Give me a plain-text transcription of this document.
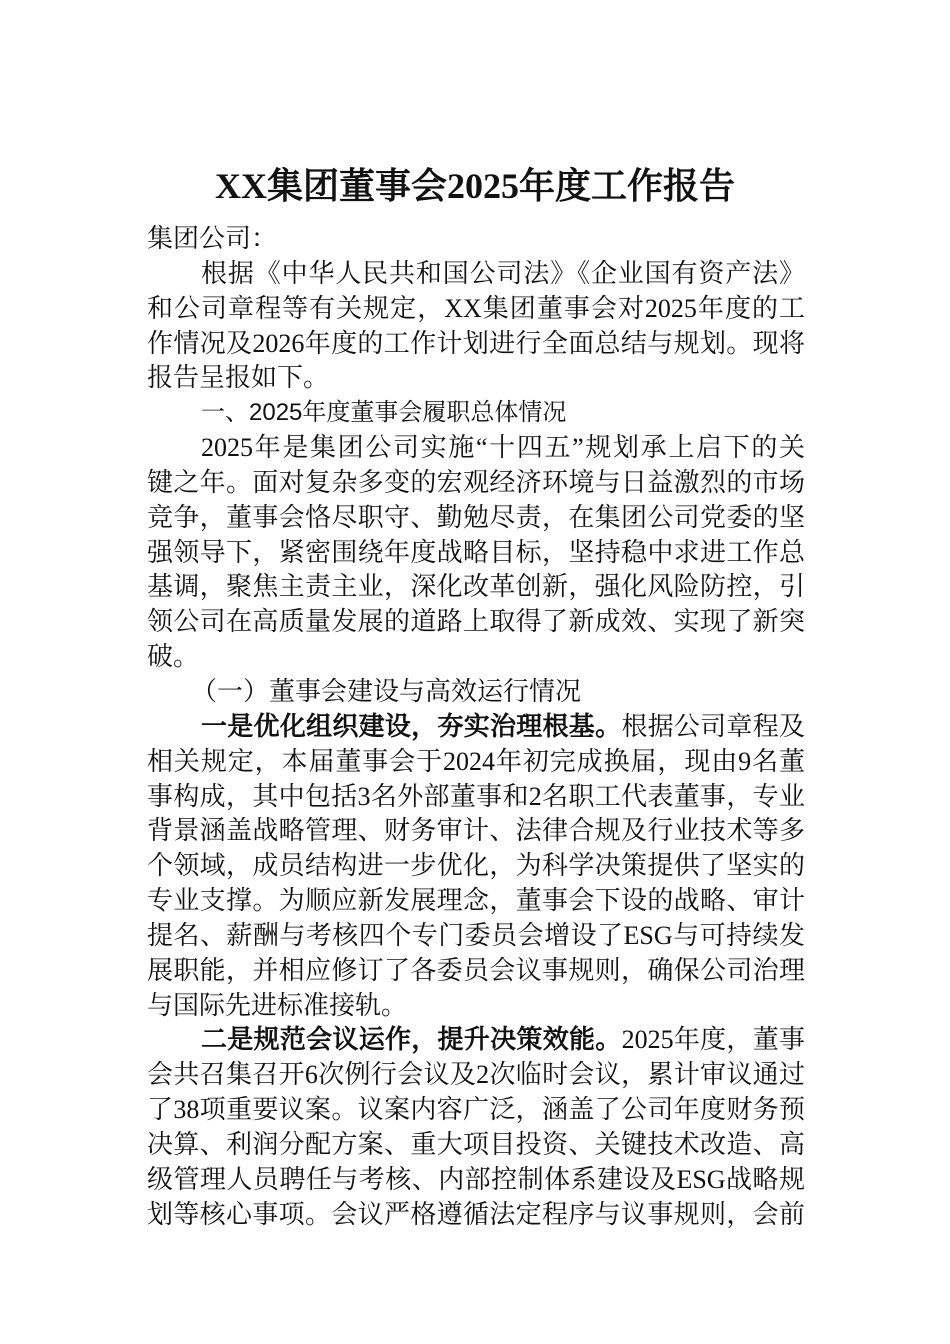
XX集团董事会2025年度工作报告
集团公司：
根据《中华人民共和国公司法》《企业国有资产法》
和公司章程等有关规定，XX集团董事会对2025年度的工
作情况及2026年度的工作计划进行全面总结与规划。现将
报告呈报如下。
一、2025年度董事会履职总体情况
2025年是集团公司实施“十四五”规划承上启下的关
键之年。面对复杂多变的宏观经济环境与日益激烈的市场
竞争，董事会恪尽职守、勤勉尽责，在集团公司党委的坚
强领导下，紧密围绕年度战略目标，坚持稳中求进工作总
基调，聚焦主责主业，深化改革创新，强化风险防控，引
领公司在高质量发展的道路上取得了新成效、实现了新突
破。
（一）董事会建设与高效运行情况
一是优化组织建设，夯实治理根基。根据公司章程及
相关规定，本届董事会于2024年初完成换届，现由9名董
事构成，其中包括3名外部董事和2名职工代表董事，专业
背景涵盖战略管理、财务审计、法律合规及行业技术等多
个领域，成员结构进一步优化，为科学决策提供了坚实的
专业支撑。为顺应新发展理念，董事会下设的战略、审计
提名、薪酬与考核四个专门委员会增设了ESG与可持续发
展职能，并相应修订了各委员会议事规则，确保公司治理
与国际先进标准接轨。
二是规范会议运作，提升决策效能。2025年度，董事
会共召集召开6次例行会议及2次临时会议，累计审议通过
了38项重要议案。议案内容广泛，涵盖了公司年度财务预
决算、利润分配方案、重大项目投资、关键技术改造、高
级管理人员聘任与考核、内部控制体系建设及ESG战略规
划等核心事项。会议严格遵循法定程序与议事规则，会前
